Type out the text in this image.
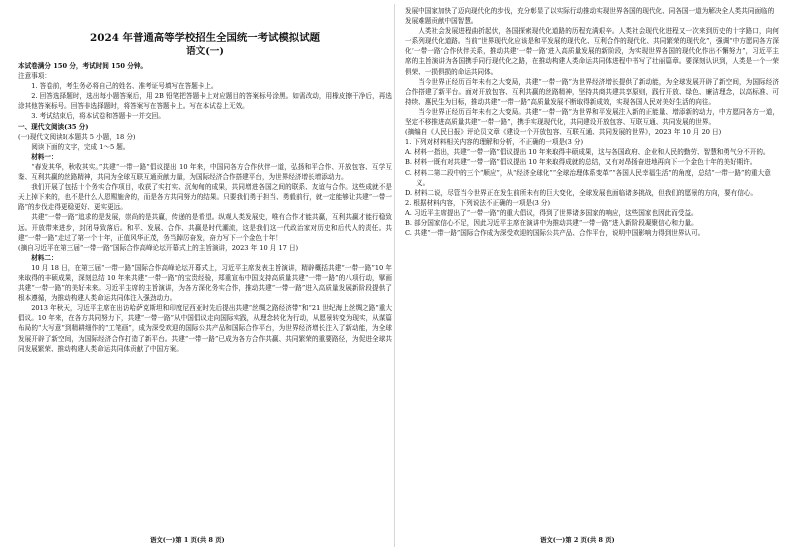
2024 年普通高等学校招生全国统一考试模拟试题
语文(一)

本试卷满分 150 分，考试时间 150 分钟。

注意事项：

1. 答卷前，考生务必将自己的姓名、准考证号填写在答题卡上。

2. 回答选择题时，选出每小题答案后，用 2B 铅笔把答题卡上对应题目的答案标号涂黑。如需改动，用橡皮擦干净后，再选涂其他答案标号。回答非选择题时，将答案写在答题卡上。写在本试卷上无效。

3. 考试结束后，将本试卷和答题卡一并交回。

一、现代文阅读(35 分)

(一)现代文阅读Ⅰ(本题共 5 小题，18 分)

阅读下面的文字，完成 1～5 题。

材料一：

“春发其华，秋收其实。”共建“一带一路”倡议提出 10 年来，中国同各方合作伙伴一道，弘扬和平合作、开放包容、互学互鉴、互利共赢的丝路精神，共同为全球互联互通贡献力量，为国际经济合作搭建平台，为世界经济增长增添动力。

我们开展了包括十个务实合作项目，收获了实打实、沉甸甸的成果，共同增进各国之间的联系、友谊与合作。这些成就不是天上掉下来的，也不是什么人恩赐施舍的，而是各方共同努力的结果。只要我们勇于担当、勇毅前行，就一定能够让共建“一带一路”的步伐走得更稳更好、更实更远。

共建“一带一路”追求的是发展，崇尚的是共赢，传递的是希望。纵观人类发展史，唯有合作才能共赢，互利共赢才能行稳致远。开放带来进步，封闭导致落后。和平、发展、合作、共赢是时代潮流，这是我们这一代政治家对历史和后代人的责任。共建“一带一路”走过了第一个十年，正值风华正茂，务当踔厉奋发，奋力写下一个金色十年！

(摘自习近平在第三届“一带一路”国际合作高峰论坛开幕式上的主旨演讲，2023 年 10 月 17 日)

材料二：

10 月 18 日，在第三届“一带一路”国际合作高峰论坛开幕式上，习近平主席发表主旨演讲，精辟概括共建“一带一路”10 年来取得的丰硕成果，深刻总结 10 年来共建“一带一路”的宝贵经验，郑重宣布中国支持高质量共建“一带一路”的八项行动，擘画共建“一带一路”的美好未来。习近平主席的主旨演讲，为各方深化务实合作，推动共建“一带一路”进入高质量发展新阶段提供了根本遵循，为推动构建人类命运共同体注入强劲动力。

2013 年秋天，习近平主席在出访哈萨克斯坦和印度尼西亚时先后提出共建“丝绸之路经济带”和“21 世纪海上丝绸之路”重大倡议。10 年来，在各方共同努力下，共建“一带一路”从中国倡议走向国际实践，从理念转化为行动，从愿景转变为现实，从谋篇布局的“大写意”到精耕细作的“工笔画”，成为深受欢迎的国际公共产品和国际合作平台，为世界经济增长注入了新动能，为全球发展开辟了新空间，为国际经济合作打造了新平台。共建“一带一路”已成为各方合作共赢、共同繁荣的重要路径，为促进全球共同发展繁荣、推动构建人类命运共同体贡献了中国方案。

发展中国家加快了迈向现代化的步伐，充分彰显了以实际行动推动实现世界各国的现代化、同各国一道为解决全人类共同面临的发展难题贡献中国智慧。

人类社会发展进程曲折起伏，各国探索现代化道路的历程充满艰辛。人类社会现代化进程又一次来到历史的十字路口，向何一系列现代化道路。当前“世界现代化应该是和平发展的现代化、互利合作的现代化、共同繁荣的现代化”，强调“中方愿同各方深化‘一带一路’合作伙伴关系，推动共建‘一带一路’进入高质量发展的新阶段，为实现世界各国的现代化作出不懈努力”，习近平主席的主旨演讲为各国携手同行现代化之路，在推动构建人类命运共同体进程中书写了壮丽篇章。要深刻认识到，人类是一个一荣俱荣、一损俱损的命运共同体。

当今世界正经历百年未有之大变局，共建“一带一路”为世界经济增长提供了新动能，为全球发展开辟了新空间，为国际经济合作搭建了新平台。面对开放包容、互利共赢的丝路精神，坚持共商共建共享原则，践行开放、绿色、廉洁理念，以高标准、可持续、惠民生为目标，推动共建“一带一路”高质量发展不断取得新成效，实现各国人民对美好生活的向往。

当今世界正经历百年未有之大变局。共建“一带一路”为世界和平发展注入新的正能量、增添新的动力，中方愿同各方一道，坚定不移推进高质量共建“一带一路”，携手实现现代化，共同建设开放包容、互联互通、共同发展的世界。

(摘编自《人民日报》评论员文章《建设一个开放包容、互联互通、共同发展的世界》，2023 年 10 月 20 日)

1. 下列对材料相关内容的理解和分析，不正确的一项是(3 分)

A. 材料一指出，共建“一带一路”倡议提出 10 年来取得丰硕成果，这与各国政府、企业和人民的勤劳、智慧和勇气分不开的。

B. 材料一既有对共建“一带一路”倡议提出 10 年来取得成就的总结，又有对昂扬奋进地再向下一个金色十年的美好期许。

C. 材料二第二段中的三个“顺应”，从“经济全球化”“全球治理体系变革”“各国人民幸福生活”的角度，总结“一带一路”的重大意义。

D. 材料二说，尽管当今世界正在发生前所未有的巨大变化，全球发展也面临诸多挑战，但我们的愿景的方向，要有信心。

2. 根据材料内容，下列说法不正确的一项是(3 分)

A. 习近平主席提出了“一带一路”的重大倡议，得到了世界诸多国家的响应，这些国家也因此而受益。

B. 部分国家信心不足，因此习近平主席在演讲中为推动共建“一带一路”进入新阶段凝聚信心和力量。

C. 共建“一带一路”国际合作成为深受欢迎的国际公共产品、合作平台，说明中国影响力得到世界认可。

语文(一)第 1 页(共 8 页)	语文(一)第 2 页(共 8 页)
